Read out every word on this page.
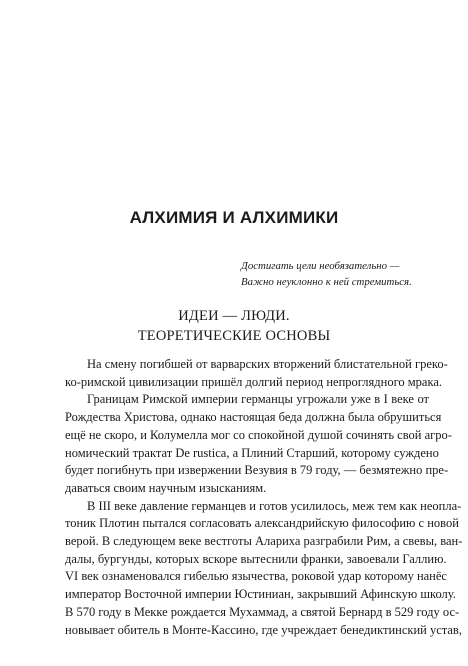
АЛХИМИЯ И АЛХИМИКИ
Достигать цели необязательно —
Важно неуклонно к ней стремиться.
ИДЕИ — ЛЮДИ.
ТЕОРЕТИЧЕСКИЕ ОСНОВЫ
На смену погибшей от варварских вторжений блистательной греко-
ко-римской цивилизации пришёл долгий период непроглядного мрака.
Границам Римской империи германцы угрожали уже в I веке от
Рождества Христова, однако настоящая беда должна была обрушиться
ещё не скоро, и Колумелла мог со спокойной душой сочинять свой агро-
номический трактат De rustica, а Плиний Старший, которому суждено
будет погибнуть при извержении Везувия в 79 году, — безмятежно пре-
даваться своим научным изысканиям.
В III веке давление германцев и готов усилилось, меж тем как неопла-
тоник Плотин пытался согласовать александрийскую философию с новой
верой. В следующем веке вестготы Алариха разграбили Рим, а свевы, ван-
далы, бургунды, которых вскоре вытеснили франки, завоевали Галлию.
VI век ознаменовался гибелью язычества, роковой удар которому нанёс
император Восточной империи Юстиниан, закрывший Афинскую школу.
В 570 году в Мекке рождается Мухаммад, а святой Бернард в 529 году ос-
новывает обитель в Монте-Кассино, где учреждает бенедиктинский устав,
